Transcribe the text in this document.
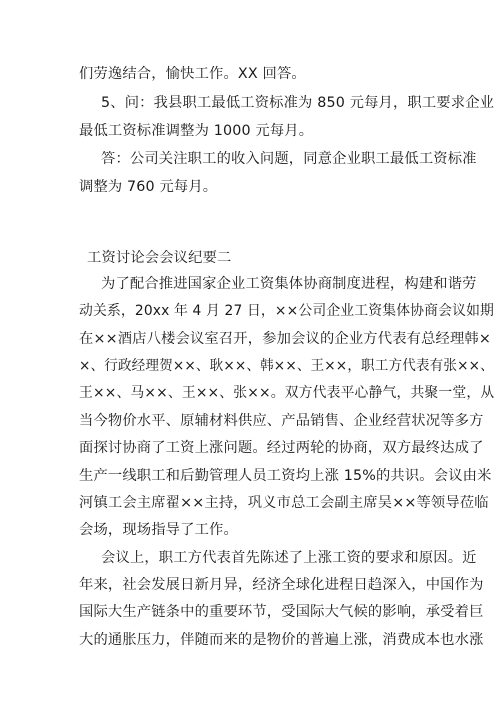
们劳逸结合，愉快工作。XX 回答。
5、问：我县职工最低工资标准为 850 元每月，职工要求企业
最低工资标准调整为 1000 元每月。
答：公司关注职工的收入问题，同意企业职工最低工资标准
调整为 760 元每月。
工资讨论会会议纪要二
为了配合推进国家企业工资集体协商制度进程，构建和谐劳
动关系，20xx 年 4 月 27 日，××公司企业工资集体协商会议如期
在××酒店八楼会议室召开，参加会议的企业方代表有总经理韩×
×、行政经理贺××、耿××、韩××、王××，职工方代表有张××、
王××、马××、王××、张××。双方代表平心静气，共聚一堂，从
当今物价水平、原辅材料供应、产品销售、企业经营状况等多方
面探讨协商了工资上涨问题。经过两轮的协商，双方最终达成了
生产一线职工和后勤管理人员工资均上涨 15%的共识。会议由米
河镇工会主席翟××主持，巩义市总工会副主席吴××等领导莅临
会场，现场指导了工作。
会议上，职工方代表首先陈述了上涨工资的要求和原因。近
年来，社会发展日新月异，经济全球化进程日趋深入，中国作为
国际大生产链条中的重要环节，受国际大气候的影响，承受着巨
大的通胀压力，伴随而来的是物价的普遍上涨，消费成本也水涨
